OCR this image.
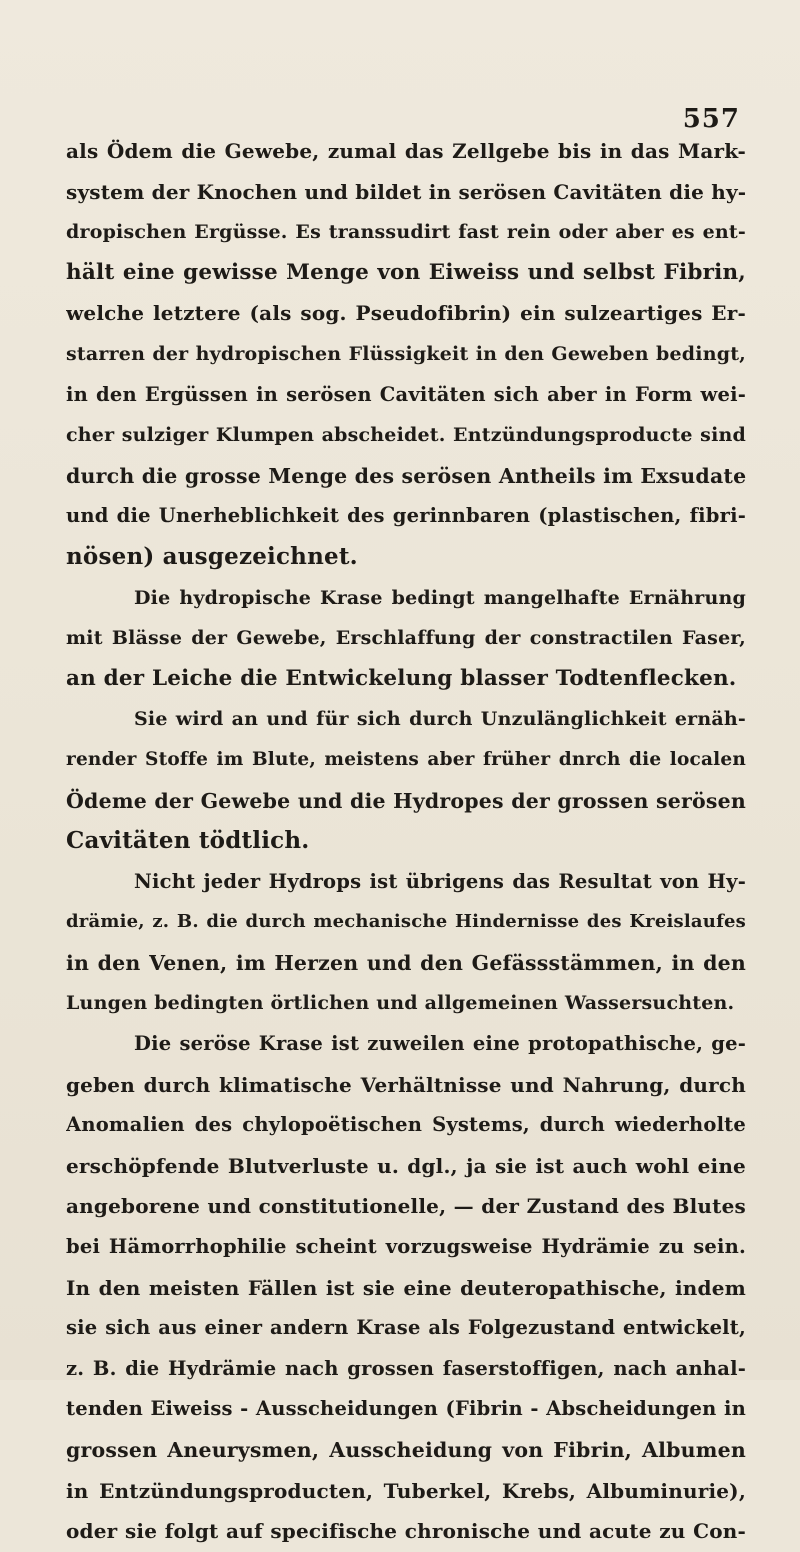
557
als Ödem die Gewebe, zumal das Zellgebe bis in das Mark-
system der Knochen und bildet in serösen Cavitäten die hy-
dropischen Ergüsse. Es transsudirt fast rein oder aber es ent-
hält eine gewisse Menge von Eiweiss und selbst Fibrin,
welche letztere (als sog. Pseudofibrin) ein sulzeartiges Er-
starren der hydropischen Flüssigkeit in den Geweben bedingt,
in den Ergüssen in serösen Cavitäten sich aber in Form wei-
cher sulziger Klumpen abscheidet. Entzündungsproducte sind
durch die grosse Menge des serösen Antheils im Exsudate
und die Unerheblichkeit des gerinnbaren (plastischen, fibri-
nösen) ausgezeichnet.
Die hydropische Krase bedingt mangelhafte Ernährung
mit Blässe der Gewebe, Erschlaffung der constractilen Faser,
an der Leiche die Entwickelung blasser Todtenflecken.
Sie wird an und für sich durch Unzulänglichkeit ernäh-
render Stoffe im Blute, meistens aber früher dnrch die localen
Ödeme der Gewebe und die Hydropes der grossen serösen
Cavitäten tödtlich.
Nicht jeder Hydrops ist übrigens das Resultat von Hy-
drämie, z. B. die durch mechanische Hindernisse des Kreislaufes
in den Venen, im Herzen und den Gefässstämmen, in den
Lungen bedingten örtlichen und allgemeinen Wassersuchten.
Die seröse Krase ist zuweilen eine protopathische, ge-
geben durch klimatische Verhältnisse und Nahrung, durch
Anomalien des chylopoëtischen Systems, durch wiederholte
erschöpfende Blutverluste u. dgl., ja sie ist auch wohl eine
angeborene und constitutionelle, — der Zustand des Blutes
bei Hämorrhophilie scheint vorzugsweise Hydrämie zu sein.
In den meisten Fällen ist sie eine deuteropathische, indem
sie sich aus einer andern Krase als Folgezustand entwickelt,
z. B. die Hydrämie nach grossen faserstoffigen, nach anhal-
tenden Eiweiss - Ausscheidungen (Fibrin - Abscheidungen in
grossen Aneurysmen, Ausscheidung von Fibrin, Albumen
in Entzündungsproducten, Tuberkel, Krebs, Albuminurie),
oder sie folgt auf specifische chronische und acute zu Con-
